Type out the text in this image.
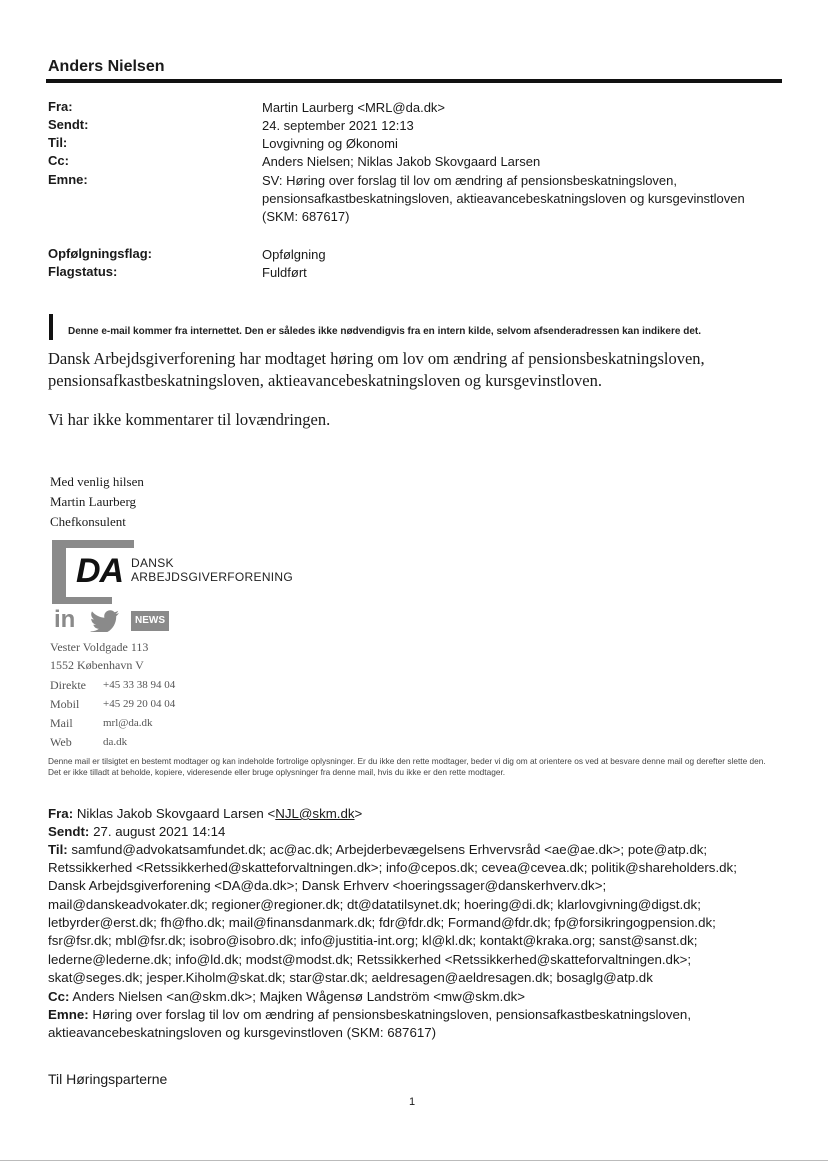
Anders Nielsen
Fra:	Martin Laurberg <MRL@da.dk>
Sendt:	24. september 2021 12:13
Til:	Lovgivning og Økonomi
Cc:	Anders Nielsen; Niklas Jakob Skovgaard Larsen
Emne:	SV: Høring over forslag til lov om ændring af pensionsbeskatningsloven, pensionsafkastbeskatningsloven, aktieavancebeskatningsloven og kursgevinstloven (SKM: 687617)
Opfølgningsflag:	Opfølgning
Flagstatus:	Fuldført
Denne e-mail kommer fra internettet. Den er således ikke nødvendigvis fra en intern kilde, selvom afsenderadressen kan indikere det.
Dansk Arbejdsgiverforening har modtaget høring om lov om ændring af pensionsbeskatningsloven, pensionsafkastbeskatningsloven, aktieavancebeskatningsloven og kursgevinstloven.
Vi har ikke kommentarer til lovændringen.
Med venlig hilsen
Martin Laurberg
Chefkonsulent
DA DANSK
ARBEJDSGIVERFORENING
in	NEWS
Vester Voldgade 113
1552 København V
Direkte +45 33 38 94 04
Mobil +45 29 20 04 04
Mail	mrl@da.dk
Web	da.dk
Denne mail er tilsigtet en bestemt modtager og kan indeholde fortrolige oplysninger. Er du ikke den rette modtager, beder vi dig om at orientere os ved at besvare denne mail og derefter slette den. Det er ikke tilladt at beholde, kopiere, videresende eller bruge oplysninger fra denne mail, hvis du ikke er den rette modtager.
Fra: Niklas Jakob Skovgaard Larsen <NJL@skm.dk>
Sendt: 27. august 2021 14:14
Til: samfund@advokatsamfundet.dk; ac@ac.dk; Arbejderbevægelsens Erhvervsråd <ae@ae.dk>; pote@atp.dk;
Retssikkerhed <Retssikkerhed@skatteforvaltningen.dk>; info@cepos.dk; cevea@cevea.dk; politik@shareholders.dk;
Dansk Arbejdsgiverforening <DA@da.dk>; Dansk Erhverv <hoeringssager@danskerhverv.dk>;
mail@danskeadvokater.dk; regioner@regioner.dk; dt@datatilsynet.dk; hoering@di.dk; klarlovgivning@digst.dk;
letbyrder@erst.dk; fh@fho.dk; mail@finansdanmark.dk; fdr@fdr.dk; Formand@fdr.dk; fp@forsikringogpension.dk;
fsr@fsr.dk; mbl@fsr.dk; isobro@isobro.dk; info@justitia-int.org; kl@kl.dk; kontakt@kraka.org; sanst@sanst.dk;
lederne@lederne.dk; info@ld.dk; modst@modst.dk; Retssikkerhed <Retssikkerhed@skatteforvaltningen.dk>;
skat@seges.dk; jesper.Kiholm@skat.dk; star@star.dk; aeldresagen@aeldresagen.dk; bosaglg@atp.dk
Cc: Anders Nielsen <an@skm.dk>; Majken Wågensø Landström <mw@skm.dk>
Emne: Høring over forslag til lov om ændring af pensionsbeskatningsloven, pensionsafkastbeskatningsloven,
aktieavancebeskatningsloven og kursgevinstloven (SKM: 687617)
Til Høringsparterne
1
